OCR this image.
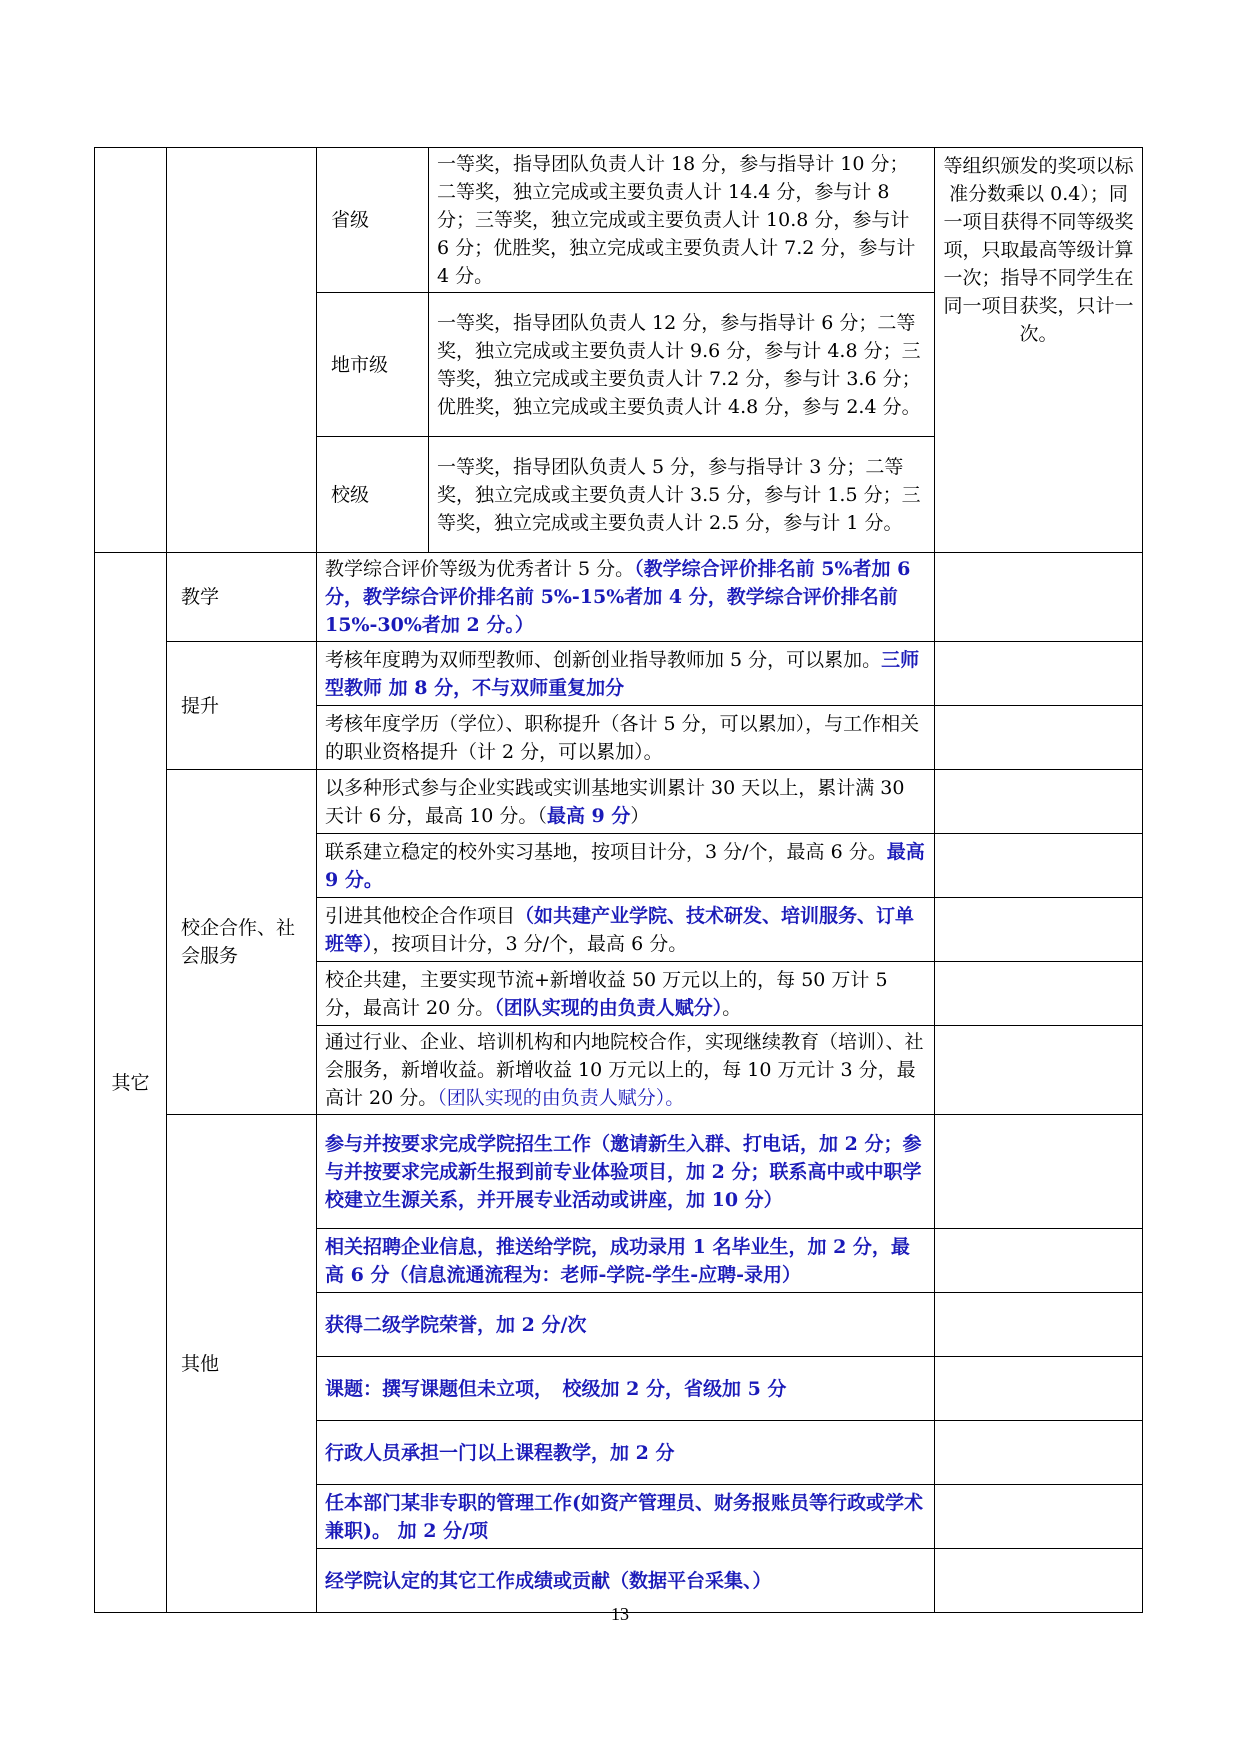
		省级	一等奖，指导团队负责人计 18 分，参与指导计 10 分；二等奖，独立完成或主要负责人计 14.4 分，参与计 8 分；三等奖，独立完成或主要负责人计 10.8 分，参与计 6 分；优胜奖，独立完成或主要负责人计 7.2 分，参与计 4 分。	等组织颁发的奖项以标准分数乘以 0.4）；同一项目获得不同等级奖项，只取最高等级计算一次；指导不同学生在同一项目获奖，只计一次。
		地市级	一等奖，指导团队负责人 12 分，参与指导计 6 分；二等奖，独立完成或主要负责人计 9.6 分，参与计 4.8 分；三等奖，独立完成或主要负责人计 7.2 分，参与计 3.6 分；优胜奖，独立完成或主要负责人计 4.8 分，参与 2.4 分。	
		校级	一等奖，指导团队负责人 5 分，参与指导计 3 分；二等奖，独立完成或主要负责人计 3.5 分，参与计 1.5 分；三等奖，独立完成或主要负责人计 2.5 分，参与计 1 分。	
其它	教学	教学综合评价等级为优秀者计 5 分。（教学综合评价排名前 5%者加 6 分，教学综合评价排名前 5%-15%者加 4 分，教学综合评价排名前 15%-30%者加 2 分。）		
	提升	考核年度聘为双师型教师、创新创业指导教师加 5 分，可以累加。三师型教师 加 8 分，不与双师重复加分		
		考核年度学历（学位）、职称提升（各计 5 分，可以累加），与工作相关的职业资格提升（计 2 分，可以累加）。		
	校企合作、社会服务	以多种形式参与企业实践或实训基地实训累计 30 天以上，累计满 30 天计 6 分，最高 10 分。（最高 9 分）		
		联系建立稳定的校外实习基地，按项目计分，3 分/个，最高 6 分。最高 9 分。		
		引进其他校企合作项目（如共建产业学院、技术研发、培训服务、订单班等），按项目计分，3 分/个，最高 6 分。		
		校企共建，主要实现节流+新增收益 50 万元以上的，每 50 万计 5 分，最高计 20 分。（团队实现的由负责人赋分）。		
		通过行业、企业、培训机构和内地院校合作，实现继续教育（培训）、社会服务，新增收益。新增收益 10 万元以上的，每 10 万元计 3 分，最高计 20 分。（团队实现的由负责人赋分）。		
	其他	参与并按要求完成学院招生工作（邀请新生入群、打电话，加 2 分；参与并按要求完成新生报到前专业体验项目，加 2 分；联系高中或中职学校建立生源关系，并开展专业活动或讲座，加 10 分）		
		相关招聘企业信息，推送给学院，成功录用 1 名毕业生，加 2 分，最高 6 分（信息流通流程为：老师-学院-学生-应聘-录用）		
		获得二级学院荣誉，加 2 分/次		
		课题：撰写课题但未立项，　校级加 2 分，省级加 5 分		
		行政人员承担一门以上课程教学，加 2 分		
		任本部门某非专职的管理工作(如资产管理员、财务报账员等行政或学术兼职)。 加 2 分/项		
		经学院认定的其它工作成绩或贡献（数据平台采集、）		
13
